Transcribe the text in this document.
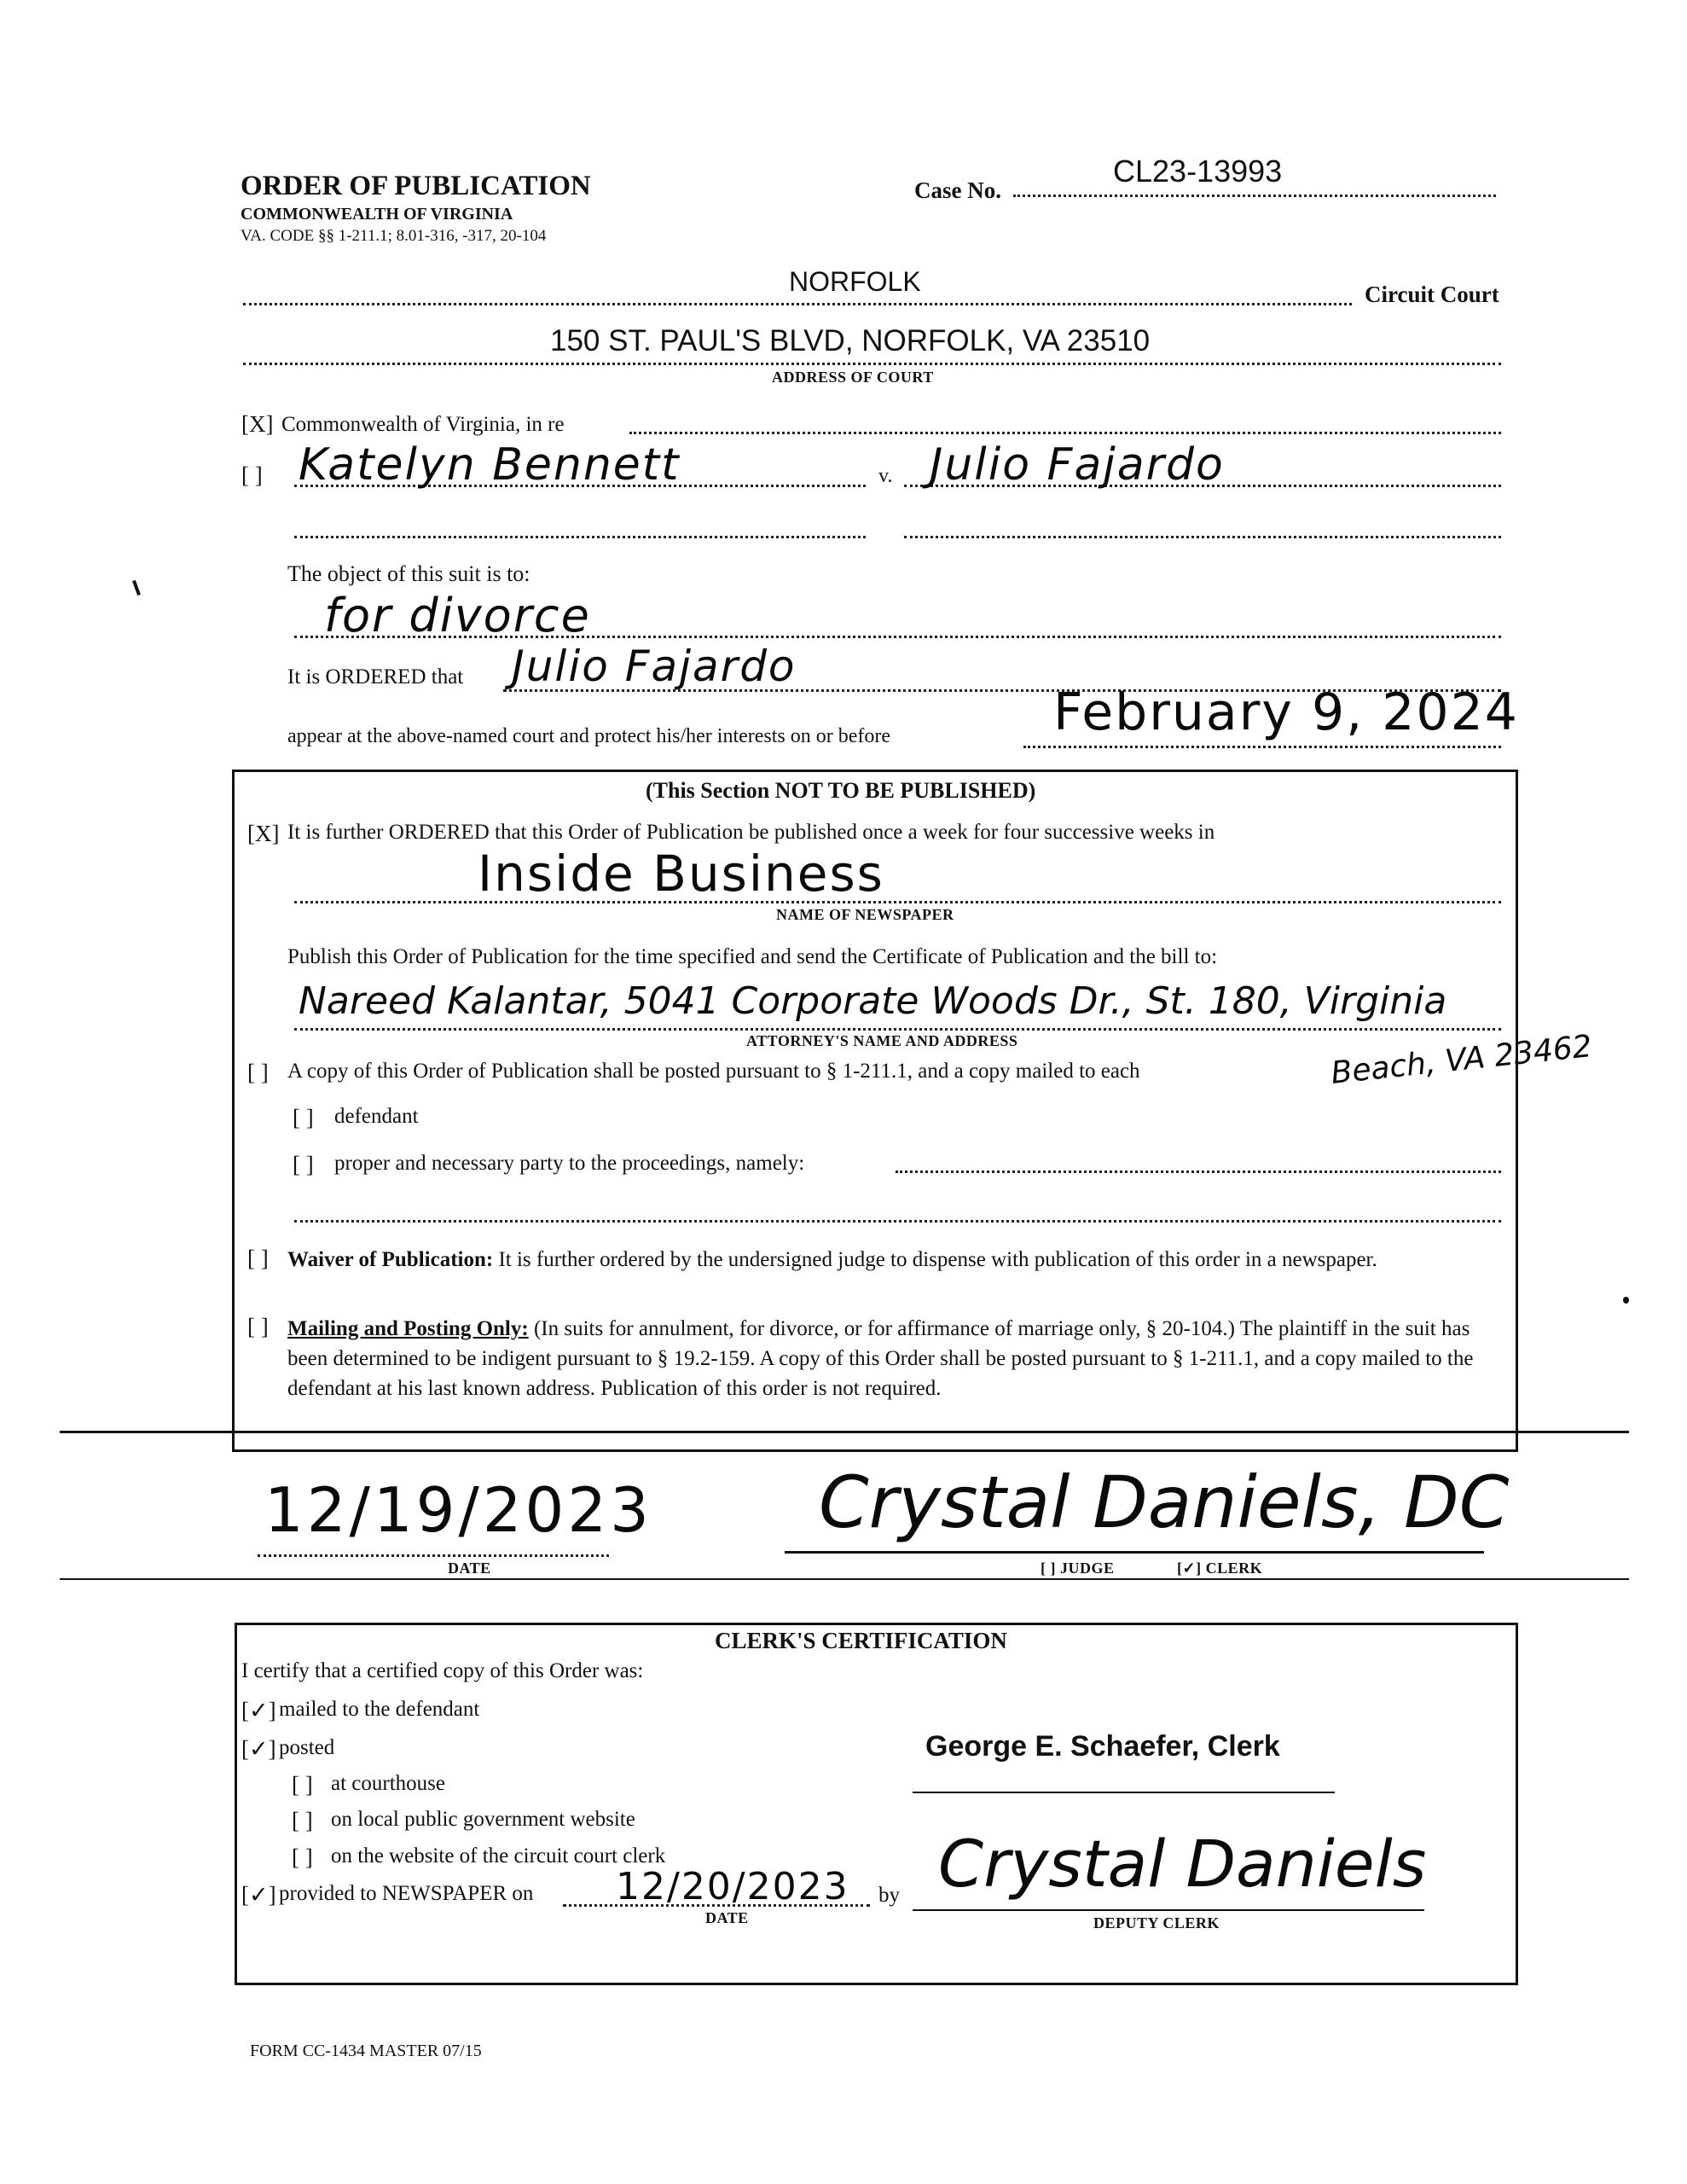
ORDER OF PUBLICATION
COMMONWEALTH OF VIRGINIA
VA. CODE §§ 1-211.1; 8.01-316, -317, 20-104
Case No.
CL23-13993
NORFOLK	Circuit Court
150 ST. PAUL'S BLVD, NORFOLK, VA 23510
ADDRESS OF COURT
[X] Commonwealth of Virginia, in re
[ ] Katelyn Bennett	v. Julio Fajardo
The object of this suit is to:
for divorce
It is ORDERED that Julio Fajardo
appear at the above-named court and protect his/her interests on or before	February 9, 2024
(This Section NOT TO BE PUBLISHED)
[X] It is further ORDERED that this Order of Publication be published once a week for four successive weeks in
Inside Business
NAME OF NEWSPAPER
Publish this Order of Publication for the time specified and send the Certificate of Publication and the bill to:
Nareed Kalantar, 5041 Corporate Woods Dr., St. 180, Virginia
Beach, VA 23462
ATTORNEY'S NAME AND ADDRESS
[ ] A copy of this Order of Publication shall be posted pursuant to § 1-211.1, and a copy mailed to each
[ ] defendant
[ ] proper and necessary party to the proceedings, namely:
[ ] Waiver of Publication: It is further ordered by the undersigned judge to dispense with publication of this order in a newspaper.
[ ] Mailing and Posting Only: (In suits for annulment, for divorce, or for affirmance of marriage only, § 20-104.) The plaintiff in the suit has been determined to be indigent pursuant to § 19.2-159. A copy of this Order shall be posted pursuant to § 1-211.1, and a copy mailed to the defendant at his last known address. Publication of this order is not required.
12/19/2023
DATE
Crystal Daniels, DC
[ ] JUDGE	[✓] CLERK
CLERK'S CERTIFICATION
I certify that a certified copy of this Order was:
[✓] mailed to the defendant
[✓] posted
[ ] at courthouse
[ ] on local public government website
[ ] on the website of the circuit court clerk
[✓] provided to NEWSPAPER on 12/20/2023
DATE
by
George E. Schaefer, Clerk
Crystal Daniels
DEPUTY CLERK
FORM CC-1434 MASTER 07/15
